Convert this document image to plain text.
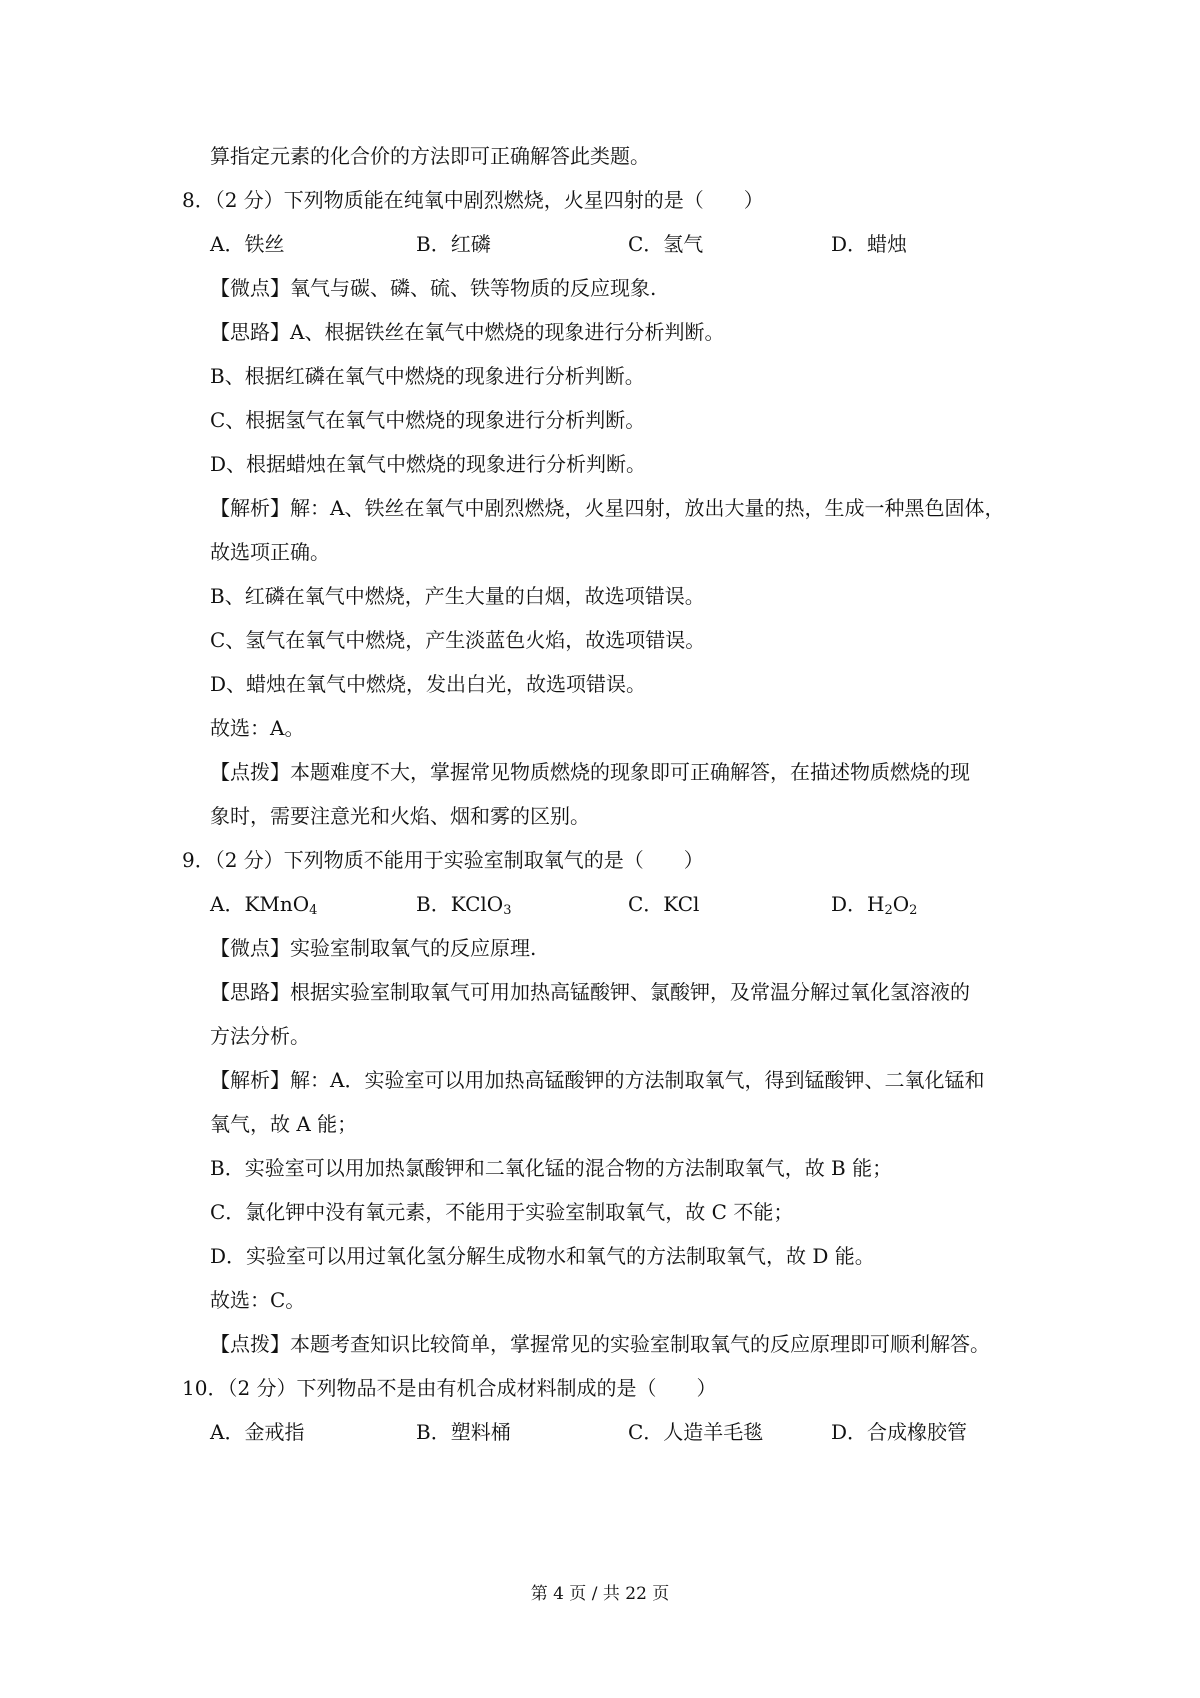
算指定元素的化合价的方法即可正确解答此类题。
8．（2 分）下列物质能在纯氧中剧烈燃烧，火星四射的是（　　）
A．铁丝	B．红磷	C．氢气	D．蜡烛
【微点】氧气与碳、磷、硫、铁等物质的反应现象.
【思路】A、根据铁丝在氧气中燃烧的现象进行分析判断。
B、根据红磷在氧气中燃烧的现象进行分析判断。
C、根据氢气在氧气中燃烧的现象进行分析判断。
D、根据蜡烛在氧气中燃烧的现象进行分析判断。
【解析】解：A、铁丝在氧气中剧烈燃烧，火星四射，放出大量的热，生成一种黑色固体，
故选项正确。
B、红磷在氧气中燃烧，产生大量的白烟，故选项错误。
C、氢气在氧气中燃烧，产生淡蓝色火焰，故选项错误。
D、蜡烛在氧气中燃烧，发出白光，故选项错误。
故选：A。
【点拨】本题难度不大，掌握常见物质燃烧的现象即可正确解答，在描述物质燃烧的现
象时，需要注意光和火焰、烟和雾的区别。
9．（2 分）下列物质不能用于实验室制取氧气的是（　　）
A．KMnO$_4$	B．KClO$_3$	C．KCl	D．$H_2O_2$
【微点】实验室制取氧气的反应原理.
【思路】根据实验室制取氧气可用加热高锰酸钾、氯酸钾，及常温分解过氧化氢溶液的
方法分析。
【解析】解：A．实验室可以用加热高锰酸钾的方法制取氧气，得到锰酸钾、二氧化锰和
氧气，故 A 能；
B．实验室可以用加热氯酸钾和二氧化锰的混合物的方法制取氧气，故 B 能；
C．氯化钾中没有氧元素，不能用于实验室制取氧气，故 C 不能；
D．实验室可以用过氧化氢分解生成物水和氧气的方法制取氧气，故 D 能。
故选：C。
【点拨】本题考查知识比较简单，掌握常见的实验室制取氧气的反应原理即可顺利解答。
10．（2 分）下列物品不是由有机合成材料制成的是（　　）
A．金戒指	B．塑料桶	C．人造羊毛毯	D．合成橡胶管
第 4 页 / 共 22 页
